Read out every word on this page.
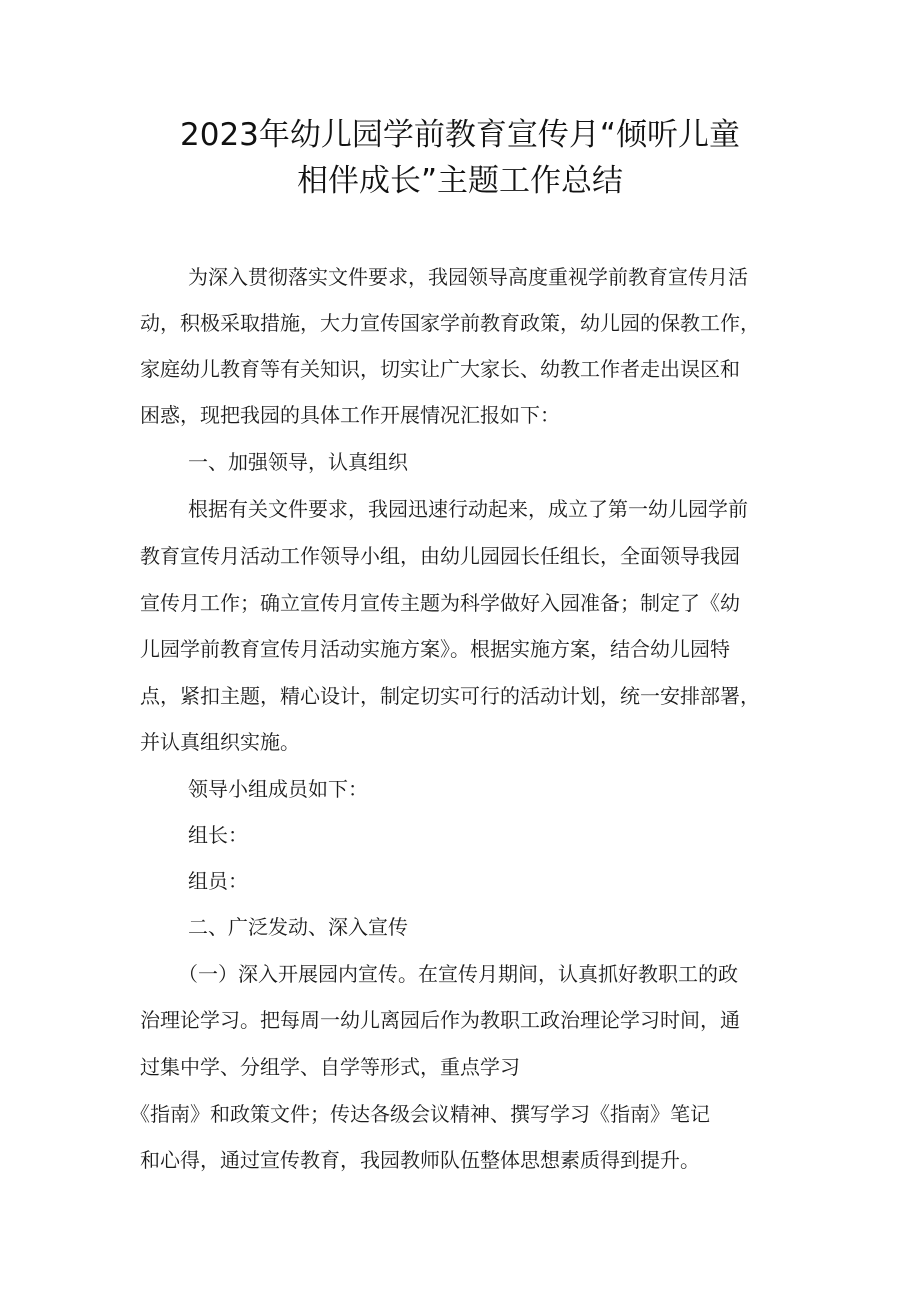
2023年幼儿园学前教育宣传月“倾听儿童
相伴成长”主题工作总结
为深入贯彻落实文件要求，我园领导高度重视学前教育宣传月活
动，积极采取措施，大力宣传国家学前教育政策，幼儿园的保教工作，
家庭幼儿教育等有关知识，切实让广大家长、幼教工作者走出误区和
困惑，现把我园的具体工作开展情况汇报如下：
一、加强领导，认真组织
根据有关文件要求，我园迅速行动起来，成立了第一幼儿园学前
教育宣传月活动工作领导小组，由幼儿园园长任组长，全面领导我园
宣传月工作；确立宣传月宣传主题为科学做好入园准备；制定了《幼
儿园学前教育宣传月活动实施方案》。根据实施方案，结合幼儿园特
点，紧扣主题，精心设计，制定切实可行的活动计划，统一安排部署，
并认真组织实施。
领导小组成员如下：
组长：
组员：
二、广泛发动、深入宣传
（一）深入开展园内宣传。在宣传月期间，认真抓好教职工的政
治理论学习。把每周一幼儿离园后作为教职工政治理论学习时间，通
过集中学、分组学、自学等形式，重点学习
《指南》和政策文件；传达各级会议精神、撰写学习《指南》笔记
和心得，通过宣传教育，我园教师队伍整体思想素质得到提升。
